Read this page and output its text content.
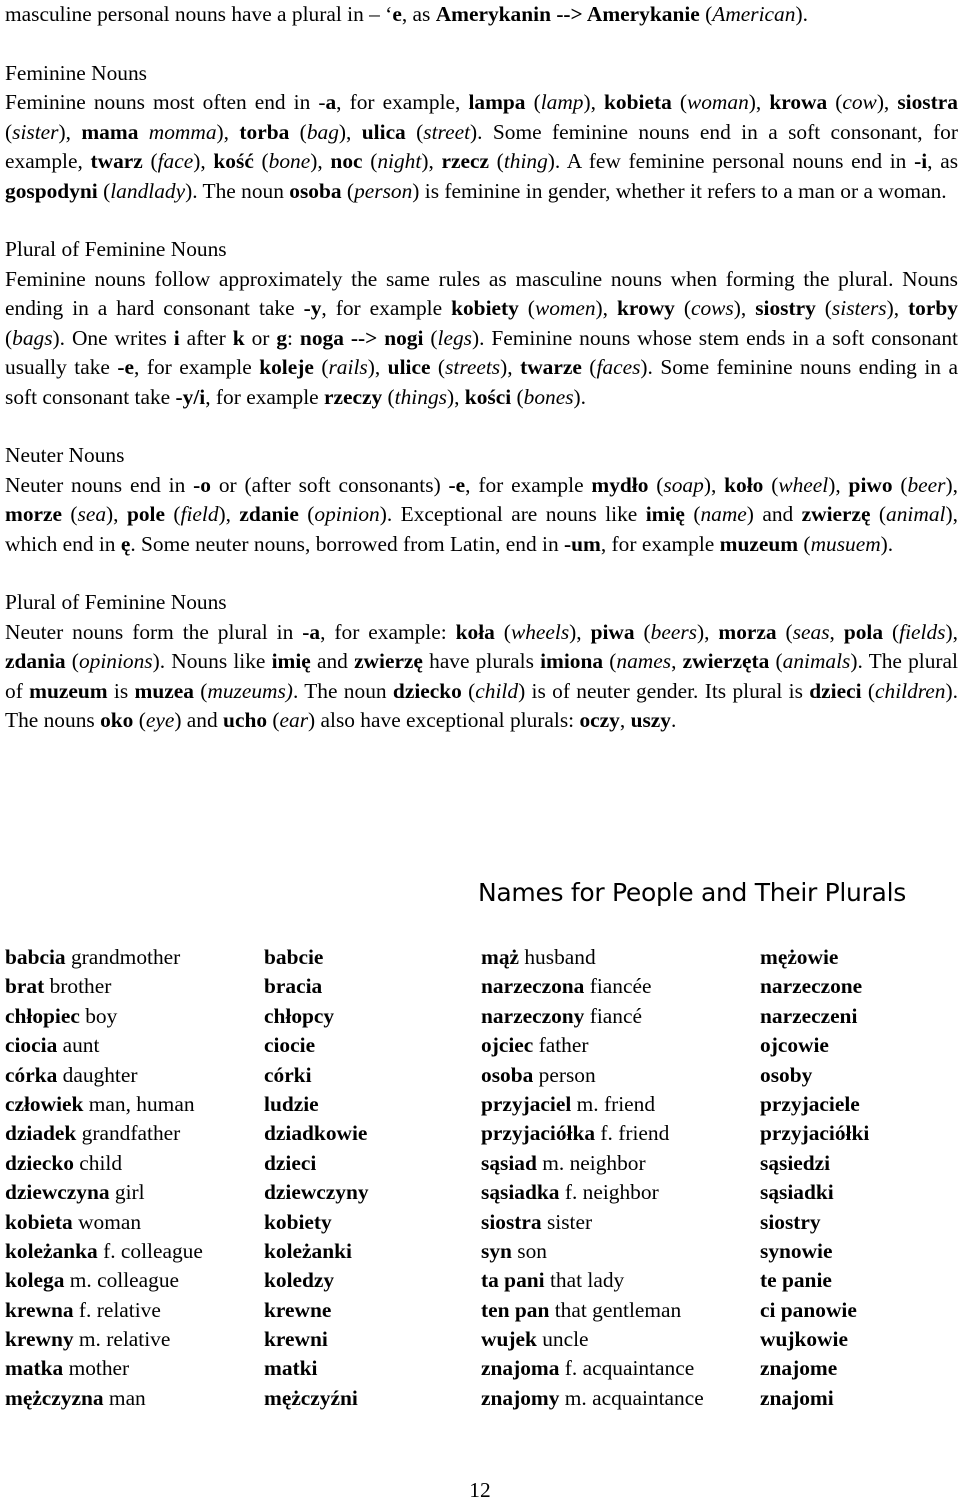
masculine personal nouns have a plural in – ‘e, as Amerykanin --> Amerykanie (American).

Feminine Nouns

Feminine nouns most often end in -a, for example, lampa (lamp), kobieta (woman), krowa (cow), siostra (sister), mama momma), torba (bag), ulica (street). Some feminine nouns end in a soft consonant, for example, twarz (face), kość (bone), noc (night), rzecz (thing). A few feminine personal nouns end in -i, as gospodyni (landlady). The noun osoba (person) is feminine in gender, whether it refers to a man or a woman.

Plural of Feminine Nouns

Feminine nouns follow approximately the same rules as masculine nouns when forming the plural. Nouns ending in a hard consonant take -y, for example kobiety (women), krowy (cows), siostry (sisters), torby (bags). One writes i after k or g: noga --> nogi (legs). Feminine nouns whose stem ends in a soft consonant usually take -e, for example koleje (rails), ulice (streets), twarze (faces). Some feminine nouns ending in a soft consonant take -y/i, for example rzeczy (things), kości (bones).

Neuter Nouns

Neuter nouns end in -o or (after soft consonants) -e, for example mydło (soap), koło (wheel), piwo (beer), morze (sea), pole (field), zdanie (opinion). Exceptional are nouns like imię (name) and zwierzę (animal), which end in ę. Some neuter nouns, borrowed from Latin, end in -um, for example muzeum (musuem).

Plural of Feminine Nouns

Neuter nouns form the plural in -a, for example: koła (wheels), piwa (beers), morza (seas, pola (fields), zdania (opinions). Nouns like imię and zwierzę have plurals imiona (names, zwierzęta (animals). The plural of muzeum is muzea (muzeums). The noun dziecko (child) is of neuter gender. Its plural is dzieci (children). The nouns oko (eye) and ucho (ear) also have exceptional plurals: oczy, uszy.

Names for People and Their Plurals
babcia grandmother
brat brother
chłopiec boy
ciocia aunt
córka daughter
człowiek man, human
dziadek grandfather
dziecko child
dziewczyna girl
kobieta woman
koleżanka f. colleague
kolega m. colleague
krewna f. relative
krewny m. relative
matka mother
mężczyzna man
babcie
bracia
chłopcy
ciocie
córki
ludzie
dziadkowie
dzieci
dziewczyny
kobiety
koleżanki
koledzy
krewne
krewni
matki
mężczyźni
mąż husband
narzeczona fiancée
narzeczony fiancé
ojciec father
osoba person
przyjaciel m. friend
przyjaciółka f. friend
sąsiad m. neighbor
sąsiadka f. neighbor
siostra sister
syn son
ta pani that lady
ten pan that gentleman
wujek uncle
znajoma f. acquaintance
znajomy m. acquaintance
mężowie
narzeczone
narzeczeni
ojcowie
osoby
przyjaciele
przyjaciółki
sąsiedzi
sąsiadki
siostry
synowie
te panie
ci panowie
wujkowie
znajome
znajomi
12
